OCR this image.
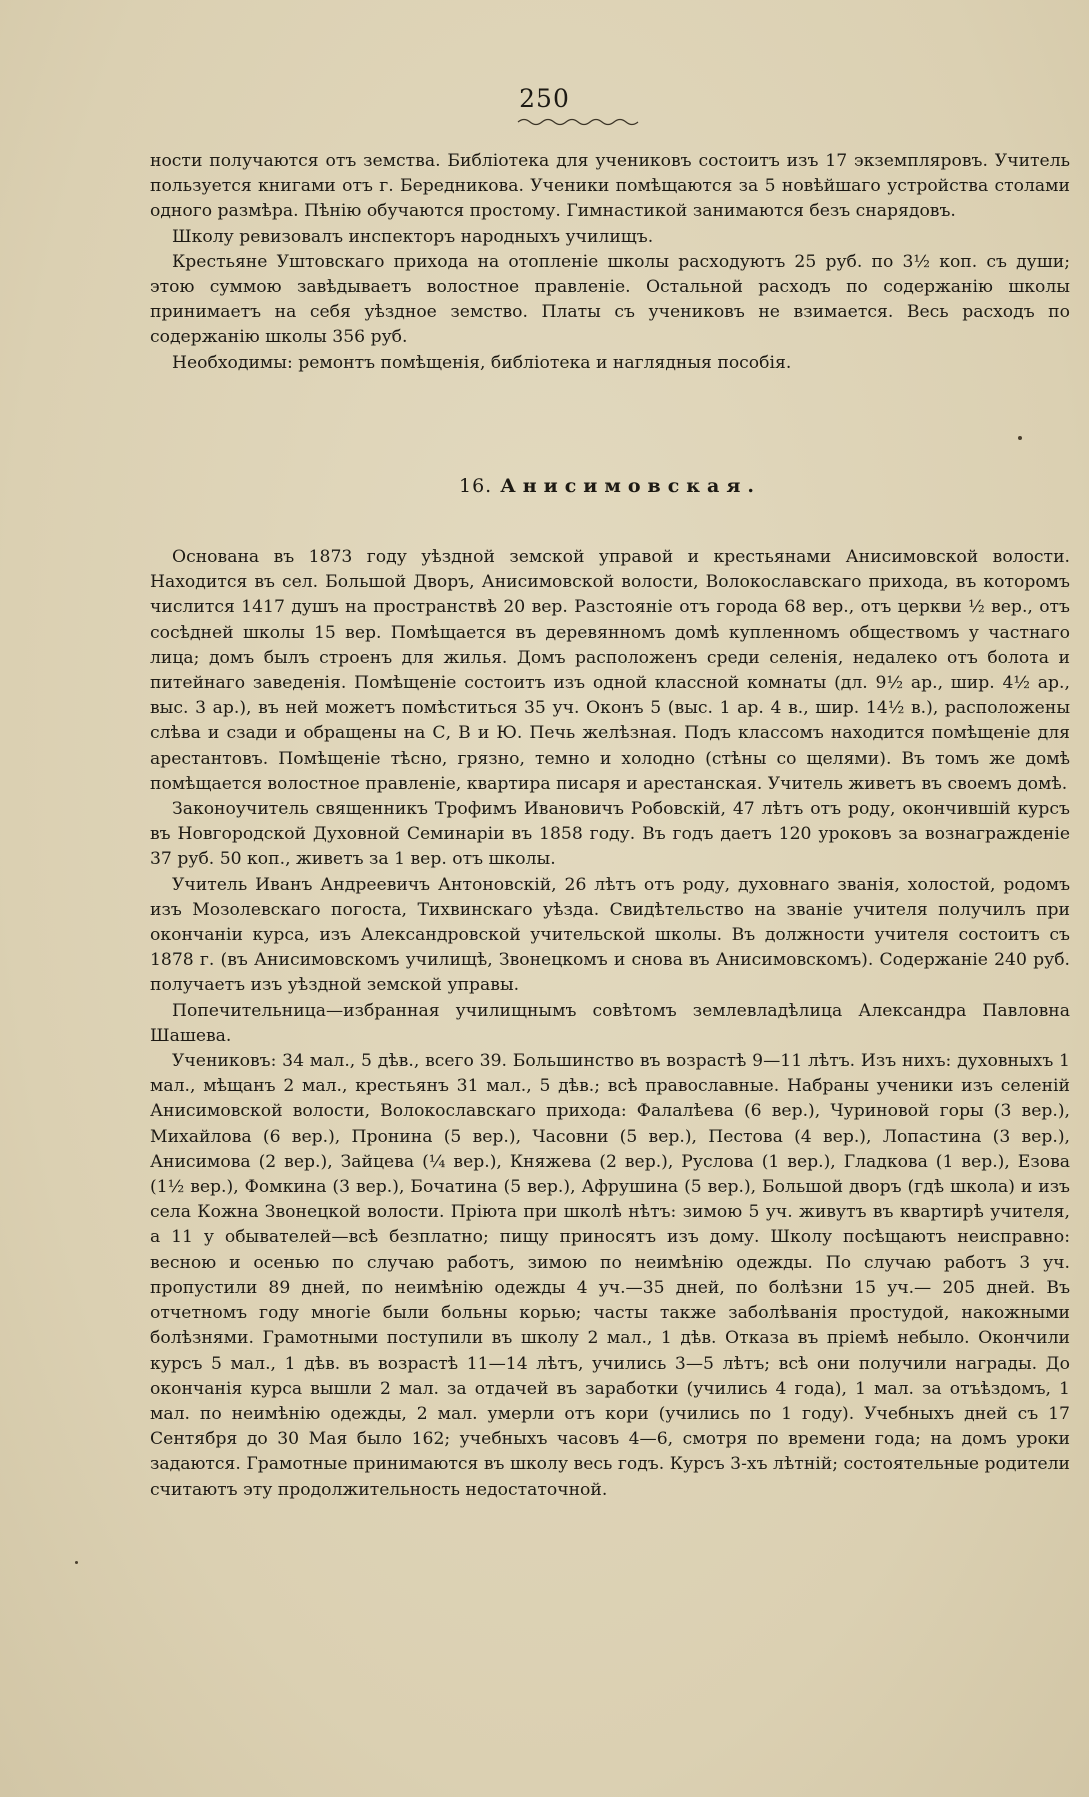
250

ности получаются отъ земства. Библіотека для учениковъ состоитъ изъ 17 экземпляровъ. Учитель пользуется книгами отъ г. Бередникова. Ученики помѣщаются за 5 новѣйшаго устройства столами одного размѣра. Пѣнію обучаются простому. Гимнастикой занимаются безъ снарядовъ.

Школу ревизовалъ инспекторъ народныхъ училищъ.

Крестьяне Уштовскаго прихода на отопленіе школы расходуютъ 25 руб. по 3½ коп. съ души; этою суммою завѣдываетъ волостное правленіе. Остальной расходъ по содержанію школы принимаетъ на себя уѣздное земство. Платы съ учениковъ не взимается. Весь расходъ по содержанію школы 356 руб.

Необходимы: ремонтъ помѣщенія, библіотека и наглядныя пособія.

16. Анисимовская.

Основана въ 1873 году уѣздной земской управой и крестьянами Анисимовской волости. Находится въ сел. Большой Дворъ, Анисимовской волости, Волокославскаго прихода, въ которомъ числится 1417 душъ на пространствѣ 20 вер. Разстояніе отъ города 68 вер., отъ церкви ½ вер., отъ сосѣдней школы 15 вер. Помѣщается въ деревянномъ домѣ купленномъ обществомъ у частнаго лица; домъ былъ строенъ для жилья. Домъ расположенъ среди селенія, недалеко отъ болота и питейнаго заведенія. Помѣщеніе состоитъ изъ одной классной комнаты (дл. 9½ ар., шир. 4½ ар., выс. 3 ар.), въ ней можетъ помѣститься 35 уч. Оконъ 5 (выс. 1 ар. 4 в., шир. 14½ в.), расположены слѣва и сзади и обращены на С, В и Ю. Печь желѣзная. Подъ классомъ находится помѣщеніе для арестантовъ. Помѣщеніе тѣсно, грязно, темно и холодно (стѣны со щелями). Въ томъ же домѣ помѣщается волостное правленіе, квартира писаря и арестанская. Учитель живетъ въ своемъ домѣ.

Законоучитель священникъ Трофимъ Ивановичъ Робовскій, 47 лѣтъ отъ роду, окончившій курсъ въ Новгородской Духовной Семинаріи въ 1858 году. Въ годъ даетъ 120 уроковъ за вознагражденіе 37 руб. 50 коп., живетъ за 1 вер. отъ школы.

Учитель Иванъ Андреевичъ Антоновскій, 26 лѣтъ отъ роду, духовнаго званія, холостой, родомъ изъ Мозолевскаго погоста, Тихвинскаго уѣзда. Свидѣтельство на званіе учителя получилъ при окончаніи курса, изъ Александровской учительской школы. Въ должности учителя состоитъ съ 1878 г. (въ Анисимовскомъ училищѣ, Звонецкомъ и снова въ Анисимовскомъ). Содержаніе 240 руб. получаетъ изъ уѣздной земской управы.

Попечительница—избранная училищнымъ совѣтомъ землевладѣлица Александра Павловна Шашева.

Учениковъ: 34 мал., 5 дѣв., всего 39. Большинство въ возрастѣ 9—11 лѣтъ. Изъ нихъ: духовныхъ 1 мал., мѣщанъ 2 мал., крестьянъ 31 мал., 5 дѣв.; всѣ православные. Набраны ученики изъ селеній Анисимовской волости, Волокославскаго прихода: Фалалѣева (6 вер.), Чуриновой горы (3 вер.), Михайлова (6 вер.), Пронина (5 вер.), Часовни (5 вер.), Пестова (4 вер.), Лопастина (3 вер.), Анисимова (2 вер.), Зайцева (¼ вер.), Княжева (2 вер.), Руслова (1 вер.), Гладкова (1 вер.), Езова (1½ вер.), Фомкина (3 вер.), Бочатина (5 вер.), Афрушина (5 вер.), Большой дворъ (гдѣ школа) и изъ села Кожна Звонецкой волости. Пріюта при школѣ нѣтъ: зимою 5 уч. живутъ въ квартирѣ учителя, а 11 у обывателей—всѣ безплатно; пищу приносятъ изъ дому. Школу посѣщаютъ неисправно: весною и осенью по случаю работъ, зимою по неимѣнію одежды. По случаю работъ 3 уч. пропустили 89 дней, по неимѣнію одежды 4 уч.—35 дней, по болѣзни 15 уч.— 205 дней. Въ отчетномъ году многіе были больны корью; часты также заболѣванія простудой, накожными болѣзнями. Грамотными поступили въ школу 2 мал., 1 дѣв. Отказа въ пріемѣ небыло. Окончили курсъ 5 мал., 1 дѣв. въ возрастѣ 11—14 лѣтъ, учились 3—5 лѣтъ; всѣ они получили награды. До окончанія курса вышли 2 мал. за отдачей въ заработки (учились 4 года), 1 мал. за отъѣздомъ, 1 мал. по неимѣнію одежды, 2 мал. умерли отъ кори (учились по 1 году). Учебныхъ дней съ 17 Сентября до 30 Мая было 162; учебныхъ часовъ 4—6, смотря по времени года; на домъ уроки задаются. Грамотные принимаются въ школу весь годъ. Курсъ 3-хъ лѣтній; состоятельные родители считаютъ эту продолжительность недостаточной.
